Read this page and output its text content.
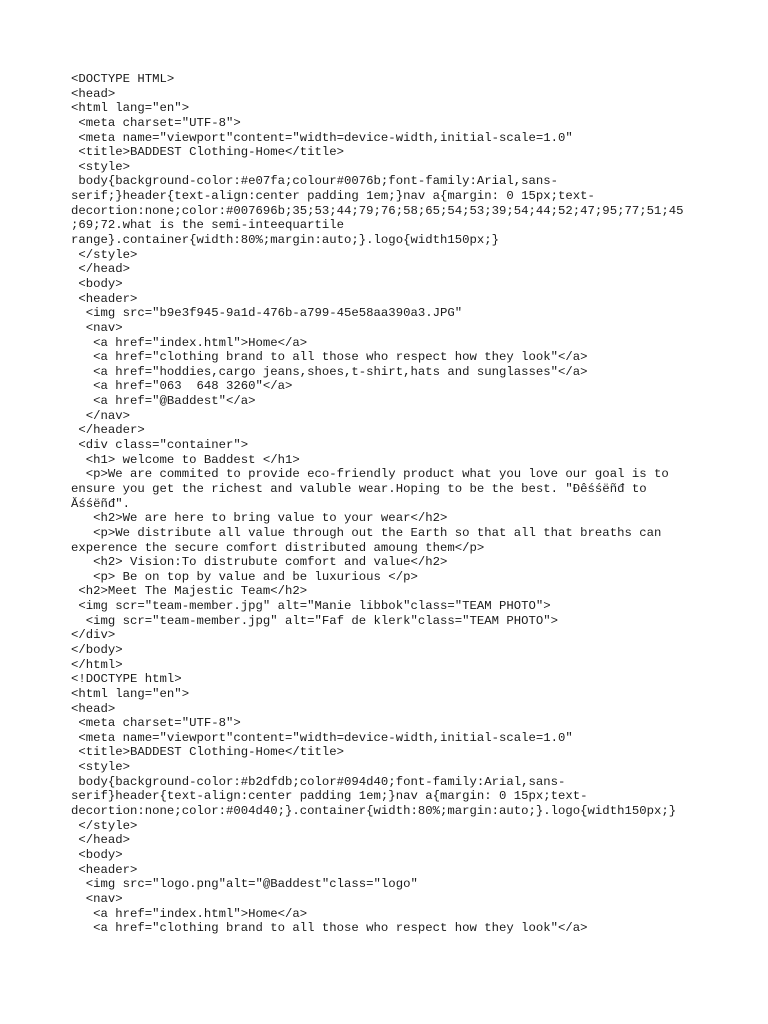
<DOCTYPE HTML>
<head>
<html lang="en">
<meta charset="UTF-8">
<meta name="viewport"content="width=device-width,initial-scale=1.0"
<title>BADDEST Clothing-Home</title>
<style>
body{background-color:#e07fa;colour#0076b;font-family:Arial,sans-
serif;}header{text-align:center padding 1em;}nav a{margin: 0 15px;text-
decortion:none;color:#007696b;35;53;44;79;76;58;65;54;53;39;54;44;52;47;95;77;51;45
;69;72.what is the semi-inteequartile
range}.container{width:80%;margin:auto;}.logo{width150px;}
</style>
</head>
<body>
<header>
<img src="b9e3f945-9a1d-476b-a799-45e58aa390a3.JPG"
<nav>
<a href="index.html">Home</a>
<a href="clothing brand to all those who respect how they look"</a>
<a href="hoddies,cargo jeans,shoes,t-shirt,hats and sunglasses"</a>
<a href="063  648 3260"</a>
<a href="@Baddest"</a>
</nav>
</header>
<div class="container">
<h1> welcome to Baddest </h1>
<p>We are commited to provide eco-friendly product what you love our goal is to
ensure you get the richest and valuble wear.Hoping to be the best. "Ɖêśśëñđ to
Ăśśëñđ".
<h2>We are here to bring value to your wear</h2>
<p>We distribute all value through out the Earth so that all that breaths can
experence the secure comfort distributed amoung them</p>
<h2> Vision:To distrubute comfort and value</h2>
<p> Be on top by value and be luxurious </p>
<h2>Meet The Majestic Team</h2>
<img scr="team-member.jpg" alt="Manie libbok"class="TEAM PHOTO">
<img scr="team-member.jpg" alt="Faf de klerk"class="TEAM PHOTO">
</div>
</body>
</html>
<!DOCTYPE html>
<html lang="en">
<head>
<meta charset="UTF-8">
<meta name="viewport"content="width=device-width,initial-scale=1.0"
<title>BADDEST Clothing-Home</title>
<style>
body{background-color:#b2dfdb;color#094d40;font-family:Arial,sans-
serif}header{text-align:center padding 1em;}nav a{margin: 0 15px;text-
decortion:none;color:#004d40;}.container{width:80%;margin:auto;}.logo{width150px;}
</style>
</head>
<body>
<header>
<img src="logo.png"alt="@Baddest"class="logo"
<nav>
<a href="index.html">Home</a>
<a href="clothing brand to all those who respect how they look"</a>
